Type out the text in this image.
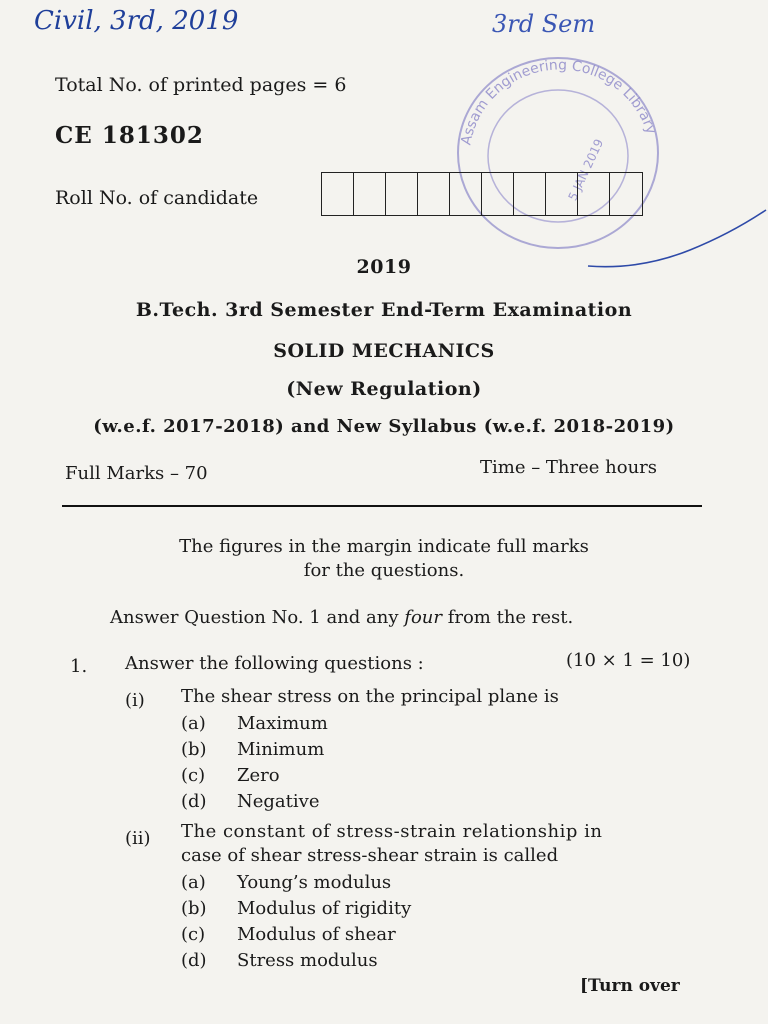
Civil, 3rd, 2019	3rd Sem
Assam Engineering College Library
5 JAN 2019
Total No. of printed pages = 6
CE 181302
Roll No. of candidate
2019
B.Tech. 3rd Semester End-Term Examination
SOLID MECHANICS
(New Regulation)
(w.e.f. 2017-2018) and New Syllabus (w.e.f. 2018-2019)
Full Marks – 70	Time – Three hours
The figures in the margin indicate full marks
for the questions.
Answer Question No. 1 and any four from the rest.
1. Answer the following questions :	(10 × 1 = 10)
(i) The shear stress on the principal plane is
(a) Maximum
(b) Minimum
(c) Zero
(d) Negative
(ii) The constant of stress-strain relationship in
case of shear stress-shear strain is called
(a) Young’s modulus
(b) Modulus of rigidity
(c) Modulus of shear
(d) Stress modulus
[Turn over
